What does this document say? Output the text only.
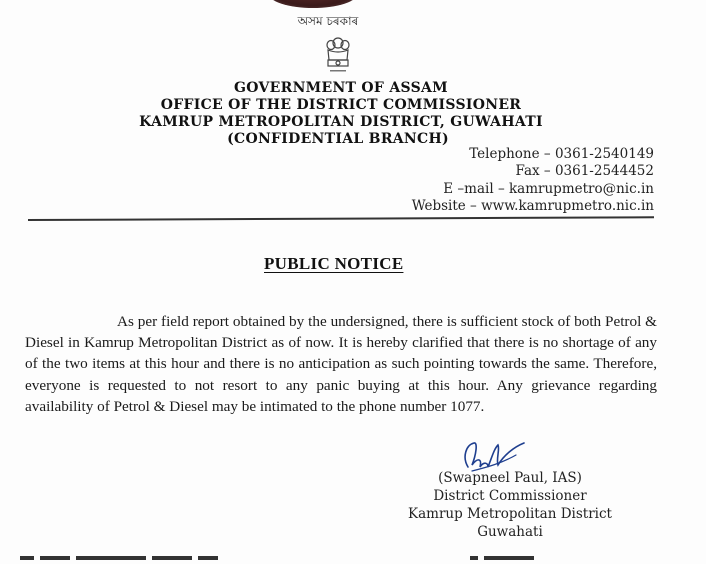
অসম চৰকাৰ
GOVERNMENT OF ASSAM
OFFICE OF THE DISTRICT COMMISSIONER
KAMRUP METROPOLITAN DISTRICT, GUWAHATI
(CONFIDENTIAL BRANCH)
Telephone – 0361-2540149
Fax – 0361-2544452
E –mail – kamrupmetro@nic.in
Website – www.kamrupmetro.nic.in
PUBLIC NOTICE
As per field report obtained by the undersigned, there is sufficient stock of both Petrol & Diesel in Kamrup Metropolitan District as of now. It is hereby clarified that there is no shortage of any of the two items at this hour and there is no anticipation as such pointing towards the same. Therefore, everyone is requested to not resort to any panic buying at this hour. Any grievance regarding availability of Petrol & Diesel may be intimated to the phone number 1077.
(Swapneel Paul, IAS)
District Commissioner
Kamrup Metropolitan District
Guwahati
